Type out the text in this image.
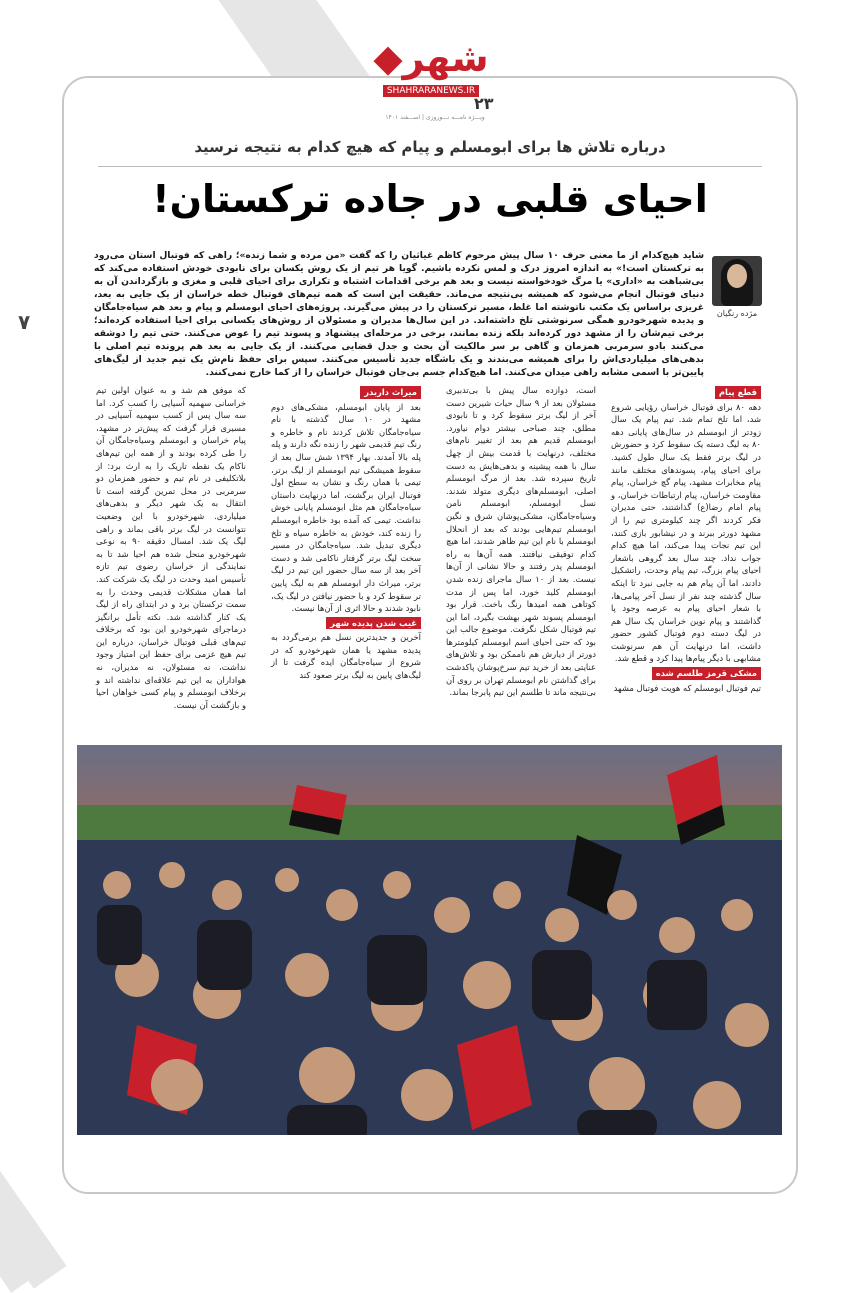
◆شهر
SHAHRARANEWS.IR
۲۳
ویـــژه نامـــه نـــوروزی | اســـفند ۱۴۰۱
۷
درباره تلاش ها برای ابومسلم و پیام که هیچ کدام به نتیجه نرسید
احیای قلبی در جاده ترکستان!
مژده رنگیان
شاید هیچ‌کدام از ما معنی حرف ۱۰ سال پیش مرحوم کاظم غیاثیان را که گفت «من مرده و شما زنده»؛ راهی که فوتبال استان می‌رود به ترکستان است!» به اندازه امروز درک و لمس نکرده باشیم. گویا هر تیم از یک روش یکسان برای نابودی خودش استفاده می‌کند که بی‌شباهت به «اداری» یا مرگ خودخواسته نیست و بعد هم برخی اقدامات اشتباه و تکراری برای احیای قلبی و مغزی و بازگرداندن آن به دنیای فوتبال انجام می‌شود که همیشه بی‌نتیجه می‌ماند. حقیقت این است که همه تیم‌های فوتبال خطه خراسان از یک جایی به بعد، غریزی براساس یک مکتب ناتوشته اما غلط، مسیر ترکستان را در پیش می‌گیرند. پروژه‌های احیای ابومسلم و پیام و بعد هم سیاه‌جامگان و پدیده شهرخودرو همگی سرنوشتی تلخ داشته‌اند. در این سال‌ها مدیران و مسئولان از روش‌های یکسانی برای احیا استفاده کرده‌اند؛ برخی تیم‌شان را از مشهد دور کرده‌اند بلکه زنده بمانند، برخی در مرحله‌ای پیشنهاد و پسوند تیم را عوض می‌کنند. حتی تیم را دوشقه می‌کنند بادو سرمربی همزمان و گاهی بر سر مالکیت آن بحث و جدل قضایی می‌کنند. از یک جایی به بعد هم پرونده تیم اصلی با بدهی‌های میلیاردی‌اش را برای همیشه می‌بندند و یک باشگاه جدید تأسیس می‌کنند. سپس برای حفظ نام‌ش یک تیم جدید از لیگ‌های پایین‌تر با اسمی مشابه راهی میدان می‌کنند. اما هیچ‌کدام جسم بی‌جان فوتبال خراسان را از کما خارج نمی‌کنند.
قطع پیام
دهه ۸۰ برای فوتبال خراسان رؤیایی شروع شد، اما تلخ تمام شد. تیم پیام یک سال زودتر از ابومسلم در سال‌های پایانی دهه ۸۰ به لیگ دسته یک سقوط کرد و حضورش در لیگ برتر فقط یک سال طول کشید. برای احیای پیام، پسوندهای مختلف مانند پیام مخابرات مشهد، پیام گچ خراسان، پیام مقاومت خراسان، پیام ارتباطات خراسان، و پیام امام رضا(ع) گذاشتند، حتی مدیران فکر کردند اگر چند کیلومتری تیم را از مشهد دورتر ببرند و در نیشابور بازی کنند، این تیم نجات پیدا می‌کند، اما هیچ کدام جواب نداد. چند سال بعد گروهی باشعار احیای پیام بزرگ، تیم پیام وحدت، راتشکیل دادند، اما آن پیام هم به جایی نبرد تا اینکه سال گذشته چند نفر از نسل آخر پیامی‌ها، با شعار احیای پیام به عرصه وجود پا گذاشتند و پیام نوین خراسان یک سال هم در لیگ دسته دوم فوتبال کشور حضور داشت، اما درنهایت آن هم سرنوشت مشابهی با دیگر پیام‌ها پیدا کرد و قطع شد.
مشکی قرمز طلسم شده
تیم فوتبال ابومسلم که هویت فوتبال مشهد
است، دوازده سال پیش با بی‌تدبیری مسئولان بعد از ۹ سال حیات شیرین دست آخر از لیگ برتر سقوط کرد و تا نابودی مطلق، چند صباحی بیشتر دوام نیاورد. ابومسلم قدیم هم بعد از تغییر نام‌های مختلف، درنهایت با قدمت بیش از چهل سال با همه پیشینه و بدهی‌هایش به دست تاریخ سپرده شد. بعد از مرگ ابومسلم اصلی، ابومسلم‌های دیگری متولد شدند. نسل ابومسلم، ابومسلم نامن وسیاه‌جامگان، مشکی‌پوشان شرق و نگین ابومسلم تیم‌هایی بودند که بعد از انحلال ابومسلم با نام این تیم ظاهر شدند، اما هیچ کدام توفیقی نیافتند. همه آن‌ها به راه ابومسلم پدر رفتند و حالا نشانی از آن‌ها نیست. بعد از ۱۰ سال ماجرای زنده شدن ابومسلم کلید خورد، اما پس از مدت کوتاهی همه امیدها رنگ باخت. قرار بود ابومسلم پسوند شهر بهشت بگیرد، اما این تیم فوتبال شکل نگرفت. موضوع جالب این بود که حتی احیای اسم ابومسلم کیلومترها دورتر از دیارش هم ناممکن بود و تلاش‌های عنایتی بعد از خرید تیم سرخ‌پوشان پاکدشت برای گذاشتن نام ابومسلم تهران بر روی آن بی‌نتیجه ماند تا طلسم این تیم پابرجا بماند.
میراث داربدر
بعد از پایان ابومسلم، مشکی‌های دوم مشهد در ۱۰ سال گذشته با نام سیاه‌جامگان تلاش کردند نام و خاطره و رنگ تیم قدیمی شهر را زنده نگه دارند و پله پله بالا آمدند. بهار ۱۳۹۴ شش سال بعد از سقوط همیشگی تیم ابومسلم از لیگ برتر، تیمی با همان رنگ و نشان به سطح اول فوتبال ایران برگشت، اما درنهایت داستان سیاه‌جامگان هم مثل ابومسلم پایانی خوش نداشت. تیمی که آمده بود خاطره ابومسلم را زنده کند، خودش به خاطره سیاه و تلخ دیگری تبدیل شد. سیاه‌جامگان در مسیر سخت لیگ برتر گرفتار ناکامی شد و دست آخر بعد از سه سال حضور این تیم در لیگ برتر، میراث دار ابومسلم هم به لیگ پایین تر سقوط کرد و با حضور نیافتن در لیگ یک، نابود شدند و حالا اثری از آن‌ها نیست.
غیب شدن پدیده شهر
آخرین و جدیدترین نسل هم برمی‌گردد به پدیده مشهد یا همان شهرخودرو که در شروع از سیاه‌جامگان ایده گرفت تا از لیگ‌های پایین به لیگ برتر صعود کند
که موفق هم شد و به عنوان اولین تیم خراسانی سهمیه آسیایی را کسب کرد. اما سه سال پس از کسب سهمیه آسیایی در مسیری قرار گرفت که پیش‌تر در مشهد، پیام خراسان و ابومسلم وسیاه‌جامگان آن را طی کرده بودند و از همه این تیم‌های ناکام یک نقطه تاریک را به ارث برد: از بلاتکلیفی در نام تیم و حضور همزمان دو سرمربی در محل تمرین گرفته است تا انتقال به یک شهر دیگر و بدهی‌های میلیاردی. شهرخودرو با این وضعیت نتوانست در لیگ برتر باقی بماند و راهی لیگ یک شد. امسال دقیقه ۹۰ به نوعی شهرخودرو منحل شده هم احیا شد تا به نمایندگی از خراسان رضوی تیم تازه تأسیس امید وحدت در لیگ یک شرکت کند. اما همان مشکلات قدیمی وحدت را به سمت ترکستان برد و در ابتدای راه از لیگ یک کنار گذاشته شد. نکته تأمل برانگیز درماجرای شهرخودرو این بود که برخلاف تیم‌های قبلی فوتبال خراسان، درباره این تیم هیچ عزمی برای حفظ این امتیاز وجود نداشت، نه مسئولان، نه مدیران، نه هواداران به این تیم علاقه‌ای نداشته اند و برخلاف ابومسلم و پیام کسی خواهان احیا و بازگشت آن نیست.
